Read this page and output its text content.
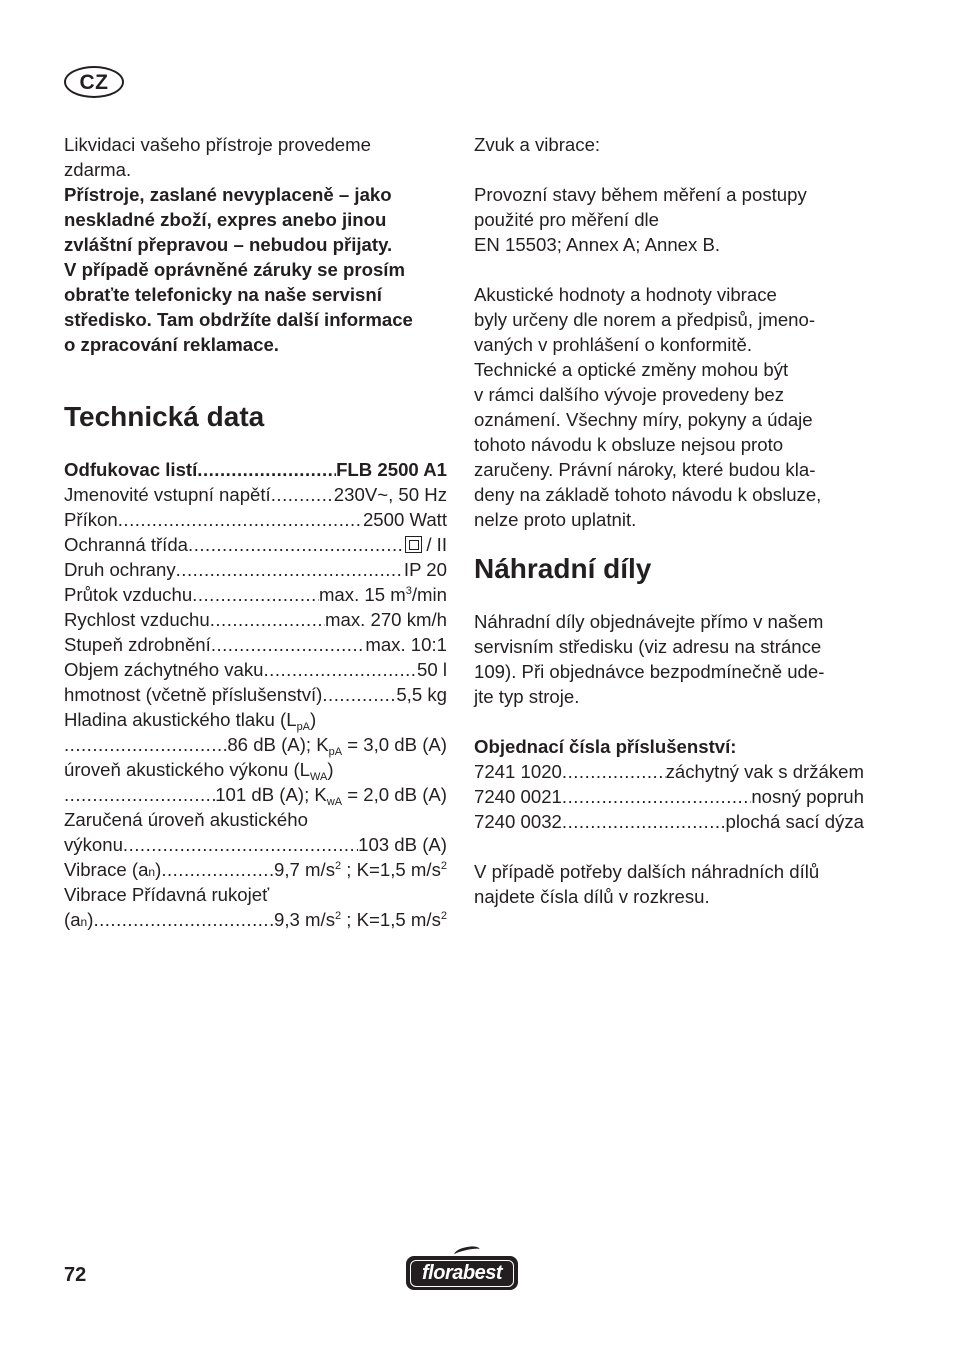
CZ

Likvidaci vašeho přístroje provedeme

zdarma.

Přístroje, zaslané nevyplaceně – jako

neskladné zboží, expres anebo jinou

zvláštní přepravou – nebudou přijaty.

V případě oprávněné záruky se prosím

obraťte telefonicky na naše servisní

středisko. Tam obdržíte další informace

o zpracování reklamace.

Technická data
Odfukovac listí .....	FLB 2500 A1
Jmenovité vstupní napětí .....	230V~, 50 Hz
Příkon .....	2500 Watt
Ochranná třída .....	/ II
Druh ochrany .....	IP 20
Průtok vzduchu .....	max. 15 $m^3/\min$
Rychlost vzduchu .....	max. 270 km/h
Stupeň zdrobnění .....	max. 10:1
Objem záchytného vaku .....	50 l
hmotnost (včetně příslušenství) .....	5,5 kg
Hladina akustického tlaku $(L_{pA})$
.....
86 dB (A); $K_{pA} = 3,0$ dB (A)
úroveň akustického výkonu $(L_{WA})$
.....
101 dB (A); $K_{wA} = 2,0$ dB (A)
Zaručená úroveň akustického
výkonu .....	103 dB (A)
Vibrace (an) .....	9,7 $m/s^2$ ; K=1,5 $m/s^2$
Vibrace Přídavná rukojeť
(an) .....	9,3 $m/s^2$ ; K=1,5 $m/s^2$

Zvuk a vibrace:

Provozní stavy během měření a postupy

použité pro měření dle

EN 15503; Annex A; Annex B.

Akustické hodnoty a hodnoty vibrace

byly určeny dle norem a předpisů, jmeno-

vaných v prohlášení o konformitě.

Technické a optické změny mohou být

v rámci dalšího vývoje provedeny bez

oznámení. Všechny míry, pokyny a údaje

tohoto návodu k obsluze nejsou proto

zaručeny. Právní nároky, které budou kla-

deny na základě tohoto návodu k obsluze,

nelze proto uplatnit.

Náhradní díly

Náhradní díly objednávejte přímo v našem

servisním středisku (viz adresu na stránce

109). Při objednávce bezpodmínečně ude-

jte typ stroje.

Objednací čísla příslušenství:

7241 1020 .....	záchytný vak s držákem
7240 0021 .....	nosný popruh
7240 0032 .....	plochá sací dýza

V případě potřeby dalších náhradních dílů

najdete čísla dílů v rozkresu.

72	florabest
